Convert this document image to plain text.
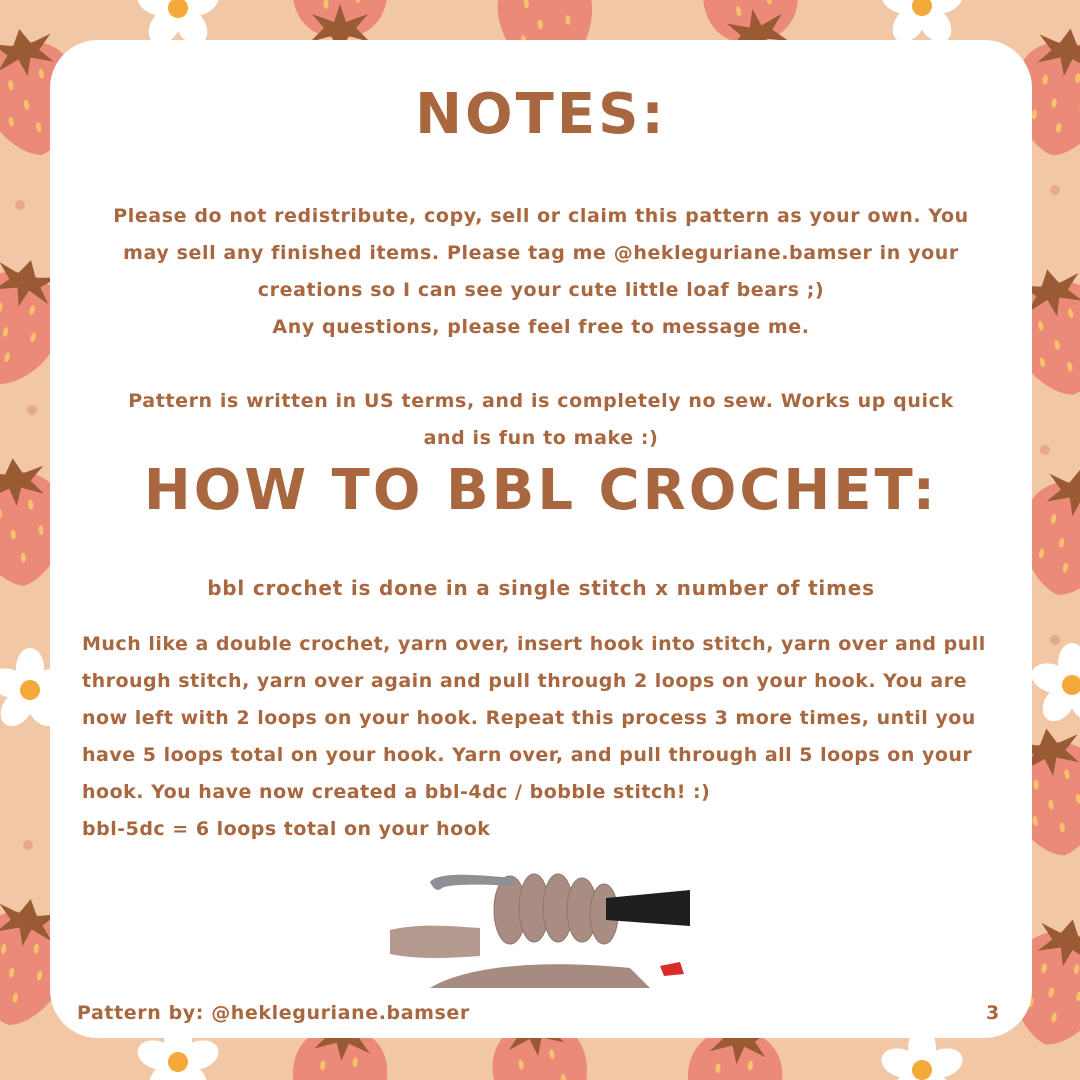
NOTES:
Please do not redistribute, copy, sell or claim this pattern as your own. You may sell any finished items. Please tag me @hekleguriane.bamser in your creations so I can see your cute little loaf bears ;)
Any questions, please feel free to message me.

Pattern is written in US terms, and is completely no sew. Works up quick and is fun to make :)
HOW TO BBL CROCHET:
bbl crochet is done in a single stitch x number of times

Much like a double crochet, yarn over, insert hook into stitch, yarn over and pull through stitch, yarn over again and pull through 2 loops on your hook. You are now left with 2 loops on your hook. Repeat this process 3 more times, until you have 5 loops total on your hook. Yarn over, and pull through all 5 loops on your hook. You have now created a bbl-4dc / bobble stitch! :)

bbl-5dc = 6 loops total on your hook

Pattern by: @hekleguriane.bamser	3
